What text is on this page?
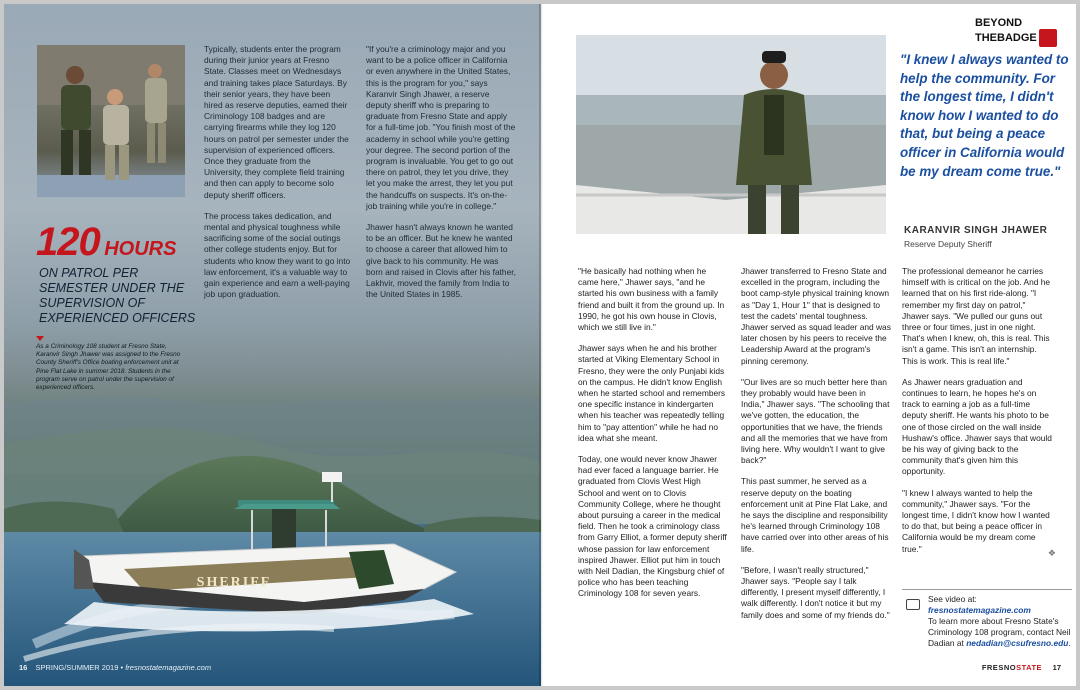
Typically, students enter the program during their junior years at Fresno State. Classes meet on Wednesdays and training takes place Saturdays. By their senior years, they have been hired as reserve deputies, earned their Criminology 108 badges and are carrying firearms while they log 120 hours on patrol per semester under the supervision of experienced officers. Once they graduate from the University, they complete field training and then can apply to become solo deputy sheriff officers.

The process takes dedication, and mental and physical toughness while sacrificing some of the social outings other college students enjoy. But for students who know they want to go into law enforcement, it's a valuable way to gain experience and earn a well-paying job upon graduation.

"If you're a criminology major and you want to be a police officer in California or even anywhere in the United States, this is the program for you," says Karanvir Singh Jhawer, a reserve deputy sheriff who is preparing to graduate from Fresno State and apply for a full-time job. "You finish most of the academy in school while you're getting your degree. The second portion of the program is invaluable. You get to go out there on patrol, they let you drive, they let you make the arrest, they let you put the handcuffs on suspects. It's on-the-job training while you're in college."

Jhawer hasn't always known he wanted to be an officer. But he knew he wanted to choose a career that allowed him to give back to his community. He was born and raised in Clovis after his father, Lakhvir, moved the family from India to the United States in 1985.

120 HOURS
ON PATROL PER SEMESTER UNDER THE SUPERVISION OF EXPERIENCED OFFICERS
As a Criminology 108 student at Fresno State, Karanvir Singh Jhawer was assigned to the Fresno County Sheriff's Office boating enforcement unit at Pine Flat Lake in summer 2018. Students in the program serve on patrol under the supervision of experienced officers.
SHERIFF
16 SPRING/SUMMER 2019 • fresnostatemagazine.com
BEYOND
THE BADGE
"I knew I always wanted to help the community. For the longest time, I didn't know how I wanted to do that, but being a peace officer in California would be my dream come true."
KARANVIR SINGH JHAWER
Reserve Deputy Sheriff

"He basically had nothing when he came here," Jhawer says, "and he started his own business with a family friend and built it from the ground up. In 1990, he got his own house in Clovis, which we still live in."

Jhawer says when he and his brother started at Viking Elementary School in Fresno, they were the only Punjabi kids on the campus. He didn't know English when he started school and remembers one specific instance in kindergarten when his teacher was repeatedly telling him to "pay attention" while he had no idea what she meant.

Today, one would never know Jhawer had ever faced a language barrier. He graduated from Clovis West High School and went on to Clovis Community College, where he thought about pursuing a career in the medical field. Then he took a criminology class from Garry Elliot, a former deputy sheriff whose passion for law enforcement inspired Jhawer. Elliot put him in touch with Neil Dadian, the Kingsburg chief of police who has been teaching Criminology 108 for seven years.

Jhawer transferred to Fresno State and excelled in the program, including the boot camp-style physical training known as "Day 1, Hour 1" that is designed to test the cadets' mental toughness. Jhawer served as squad leader and was later chosen by his peers to receive the Leadership Award at the program's pinning ceremony.

"Our lives are so much better here than they probably would have been in India," Jhawer says. "The schooling that we've gotten, the education, the opportunities that we have, the friends and all the memories that we have from living here. Why wouldn't I want to give back?"

This past summer, he served as a reserve deputy on the boating enforcement unit at Pine Flat Lake, and he says the discipline and responsibility he's learned through Criminology 108 have carried over into other areas of his life.

"Before, I wasn't really structured," Jhawer says. "People say I talk differently, I present myself differently, I walk differently. I don't notice it but my family does and some of my friends do."

The professional demeanor he carries himself with is critical on the job. And he learned that on his first ride-along. "I remember my first day on patrol," Jhawer says. "We pulled our guns out three or four times, just in one night. That's when I knew, oh, this is real. This isn't a game. This isn't an internship. This is work. This is real life."

As Jhawer nears graduation and continues to learn, he hopes he's on track to earning a job as a full-time deputy sheriff. He wants his photo to be one of those circled on the wall inside Hushaw's office. Jhawer says that would be his way of giving back to the community that's given him this opportunity.

"I knew I always wanted to help the community," Jhawer says. "For the longest time, I didn't know how I wanted to do that, but being a peace officer in California would be my dream come true."	❖
See video at:
fresnostatemagazine.com
To learn more about Fresno State's Criminology 108 program, contact Neil Dadian at nedadian@csufresno.edu.
FRESNOSTATE 17
